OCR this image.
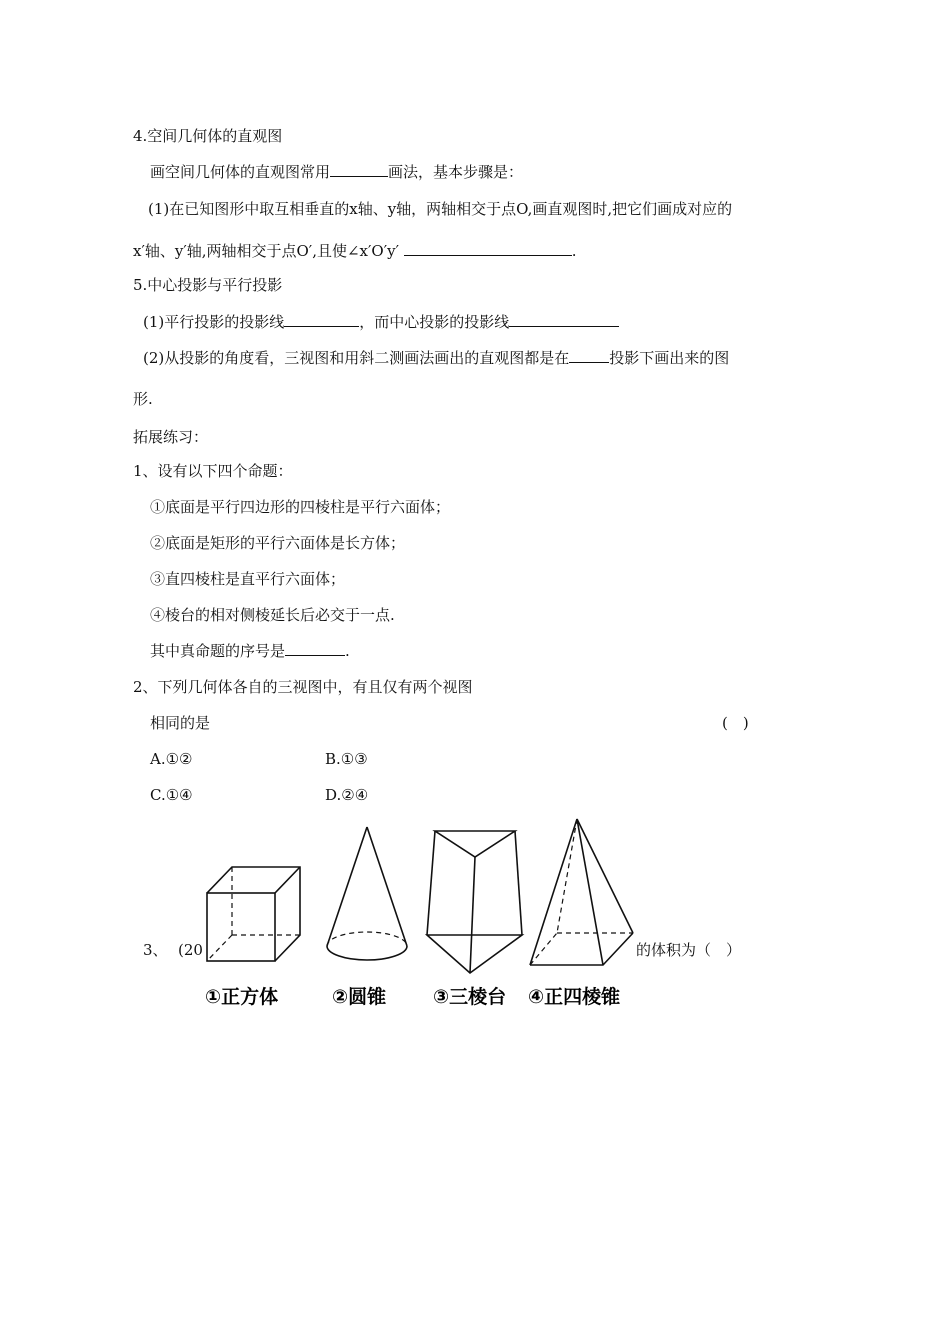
4.空间几何体的直观图
画空间几何体的直观图常用	画法，基本步骤是：
(1)在已知图形中取互相垂直的x轴、y轴，两轴相交于点O,画直观图时,把它们画成对应的
x′轴、y′轴,两轴相交于点O′,且使∠x′O′y′	.
5.中心投影与平行投影
(1)平行投影的投影线	，而中心投影的投影线
(2)从投影的角度看，三视图和用斜二测画法画出的直观图都是在	投影下画出来的图
形.
拓展练习：
1、设有以下四个命题：
①底面是平行四边形的四棱柱是平行六面体；
②底面是矩形的平行六面体是长方体；
③直四棱柱是直平行六面体；
④棱台的相对侧棱延长后必交于一点.
其中真命题的序号是	.
2、下列几何体各自的三视图中，有且仅有两个视图
相同的是	(　)
A.①②	B.①③
C.①④	D.②④
3、 (20	的体积为（　）
①正方体	②圆锥 ③三棱台 ④正四棱锥
